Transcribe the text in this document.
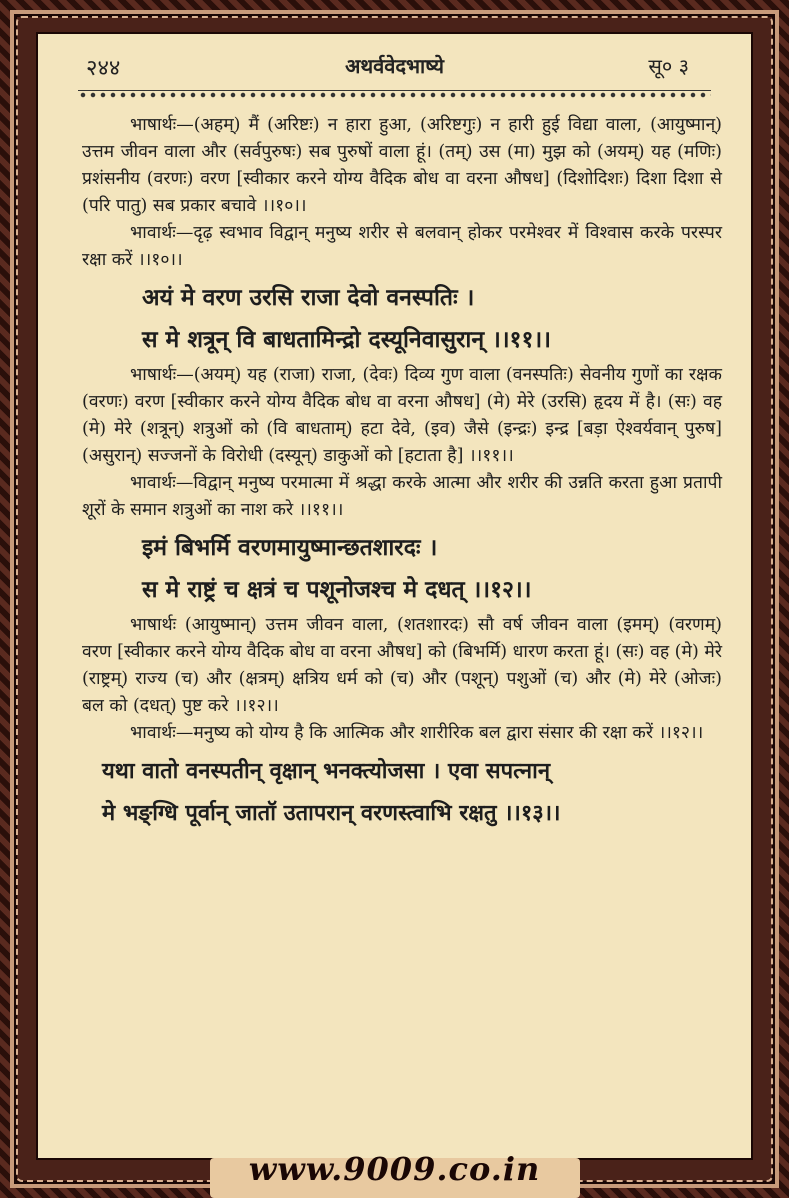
२४४	अथर्ववेदभाष्ये	सू० ३

भाषार्थः—(अहम्) मैं (अरिष्टः) न हारा हुआ, (अरिष्टगुः) न हारी हुई विद्या वाला, (आयुष्मान्) उत्तम जीवन वाला और (सर्वपुरुषः) सब पुरुषों वाला हूं। (तम्) उस (मा) मुझ को (अयम्) यह (मणिः) प्रशंसनीय (वरणः) वरण [स्वीकार करने योग्य वैदिक बोध वा वरना औषध] (दिशोदिशः) दिशा दिशा से (परि पातु) सब प्रकार बचावे ।।१०।।

भावार्थः—दृढ़ स्वभाव विद्वान् मनुष्य शरीर से बलवान् होकर परमेश्वर में विश्वास करके परस्पर रक्षा करें ।।१०।।

अयं मे वरण उरसि राजा देवो वनस्पतिः ।
स मे शत्रून् वि बाधतामिन्द्रो दस्यूनिवासुरान् ।।११।।

भाषार्थः—(अयम्) यह (राजा) राजा, (देवः) दिव्य गुण वाला (वनस्पतिः) सेवनीय गुणों का रक्षक (वरणः) वरण [स्वीकार करने योग्य वैदिक बोध वा वरना औषध] (मे) मेरे (उरसि) हृदय में है। (सः) वह (मे) मेरे (शत्रून्) शत्रुओं को (वि बाधताम्) हटा देवे, (इव) जैसे (इन्द्रः) इन्द्र [बड़ा ऐश्वर्यवान् पुरुष] (असुरान्) सज्जनों के विरोधी (दस्यून्) डाकुओं को [हटाता है] ।।११।।

भावार्थः—विद्वान् मनुष्य परमात्मा में श्रद्धा करके आत्मा और शरीर की उन्नति करता हुआ प्रतापी शूरों के समान शत्रुओं का नाश करे ।।११।।

इमं बिभर्मि वरणमायुष्मान्छतशारदः ।
स मे राष्ट्रं च क्षत्रं च पशूनोजश्च मे दधत् ।।१२।।

भाषार्थः (आयुष्मान्) उत्तम जीवन वाला, (शतशारदः) सौ वर्ष जीवन वाला (इमम्) (वरणम्) वरण [स्वीकार करने योग्य वैदिक बोध वा वरना औषध] को (बिभर्मि) धारण करता हूं। (सः) वह (मे) मेरे (राष्ट्रम्) राज्य (च) और (क्षत्रम्) क्षत्रिय धर्म को (च) और (पशून्) पशुओं (च) और (मे) मेरे (ओजः) बल को (दधत्) पुष्ट करे ।।१२।।

भावार्थः—मनुष्य को योग्य है कि आत्मिक और शारीरिक बल द्वारा संसार की रक्षा करें ।।१२।।

यथा वातो वनस्पतीन् वृक्षान् भनक्त्योजसा । एवा सपत्नान्
मे भङ्ग्धि पूर्वान् जातॉ उतापरान् वरणस्त्वाभि रक्षतु ।।१३।।
www.9009.co.in
